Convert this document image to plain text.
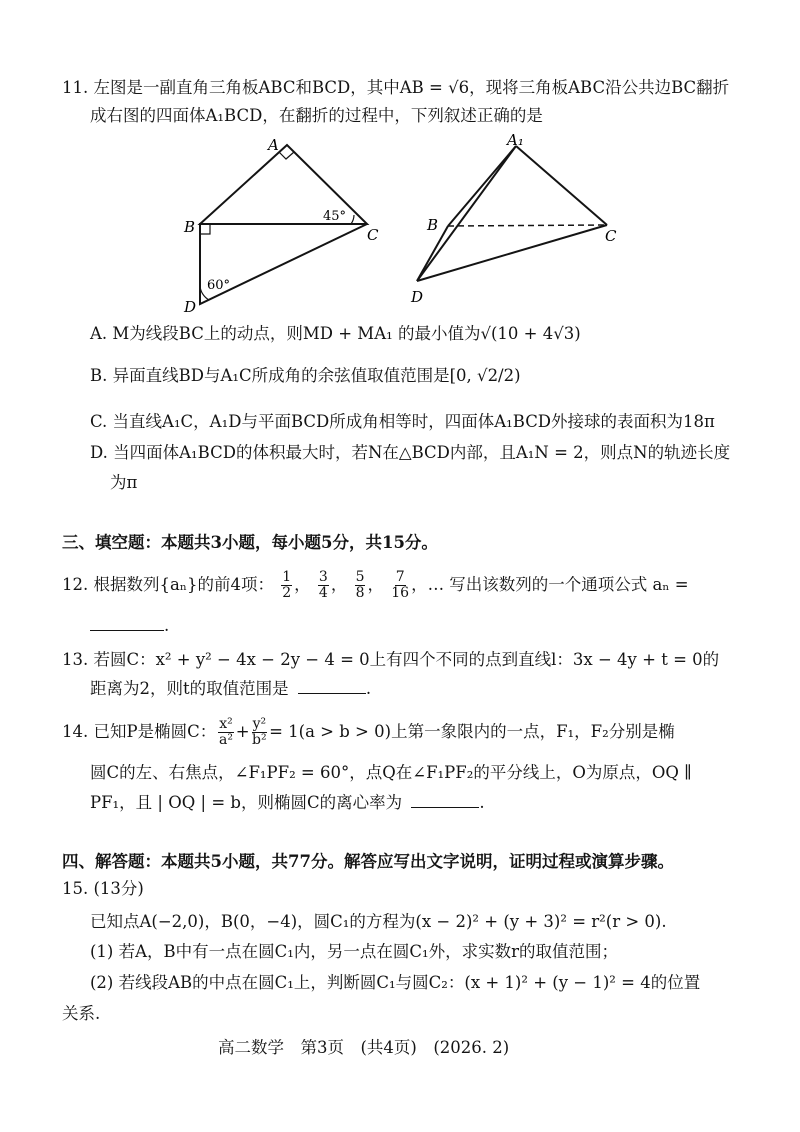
11. 左图是一副直角三角板ABC和BCD，其中AB = √6，现将三角板ABC沿公共边BC翻折
成右图的四面体A₁BCD，在翻折的过程中，下列叙述正确的是
A
B	C
D
45°
60°
A₁
B
C
D
A. M为线段BC上的动点，则MD + MA₁ 的最小值为√(10 + 4√3)
B. 异面直线BD与A₁C所成角的余弦值取值范围是[0, √2/2)
C. 当直线A₁C，A₁D与平面BCD所成角相等时，四面体A₁BCD外接球的表面积为18π
D. 当四面体A₁BCD的体积最大时，若N在△BCD内部，且A₁N = 2，则点N的轨迹长度
为π
三、填空题：本题共3小题，每小题5分，共15分。
12. 根据数列{aₙ}的前4项： $\frac{1}{2}$ ， $\frac{3}{4}$ ， $\frac{5}{8}$ ， $\frac{7}{16}$ ，… 写出该数列的一个通项公式 aₙ =
.
13. 若圆C：x² + y² − 4x − 2y − 4 = 0上有四个不同的点到直线l：3x − 4y + t = 0的
距离为2，则t的取值范围是	.
14. 已知P是椭圆C： $\frac{\text{x²}}{\text{a²}} + \frac{\text{y²}}{\text{b²}} = 1(a > b > 0)$上第一象限内的一点，F₁，F₂分别是椭
圆C的左、右焦点，∠F₁PF₂ = 60°，点Q在∠F₁PF₂的平分线上，O为原点，OQ ∥
PF₁，且 | OQ | = b，则椭圆C的离心率为	.
四、解答题：本题共5小题，共77分。解答应写出文字说明，证明过程或演算步骤。
15. (13分)
已知点A(−2,0)，B(0，−4)，圆C₁的方程为(x − 2)² + (y + 3)² = r²(r > 0).
(1) 若A，B中有一点在圆C₁内，另一点在圆C₁外，求实数r的取值范围；
(2) 若线段AB的中点在圆C₁上，判断圆C₁与圆C₂：(x + 1)² + (y − 1)² = 4的位置
关系.
高二数学　第3页　(共4页)　(2026. 2)
